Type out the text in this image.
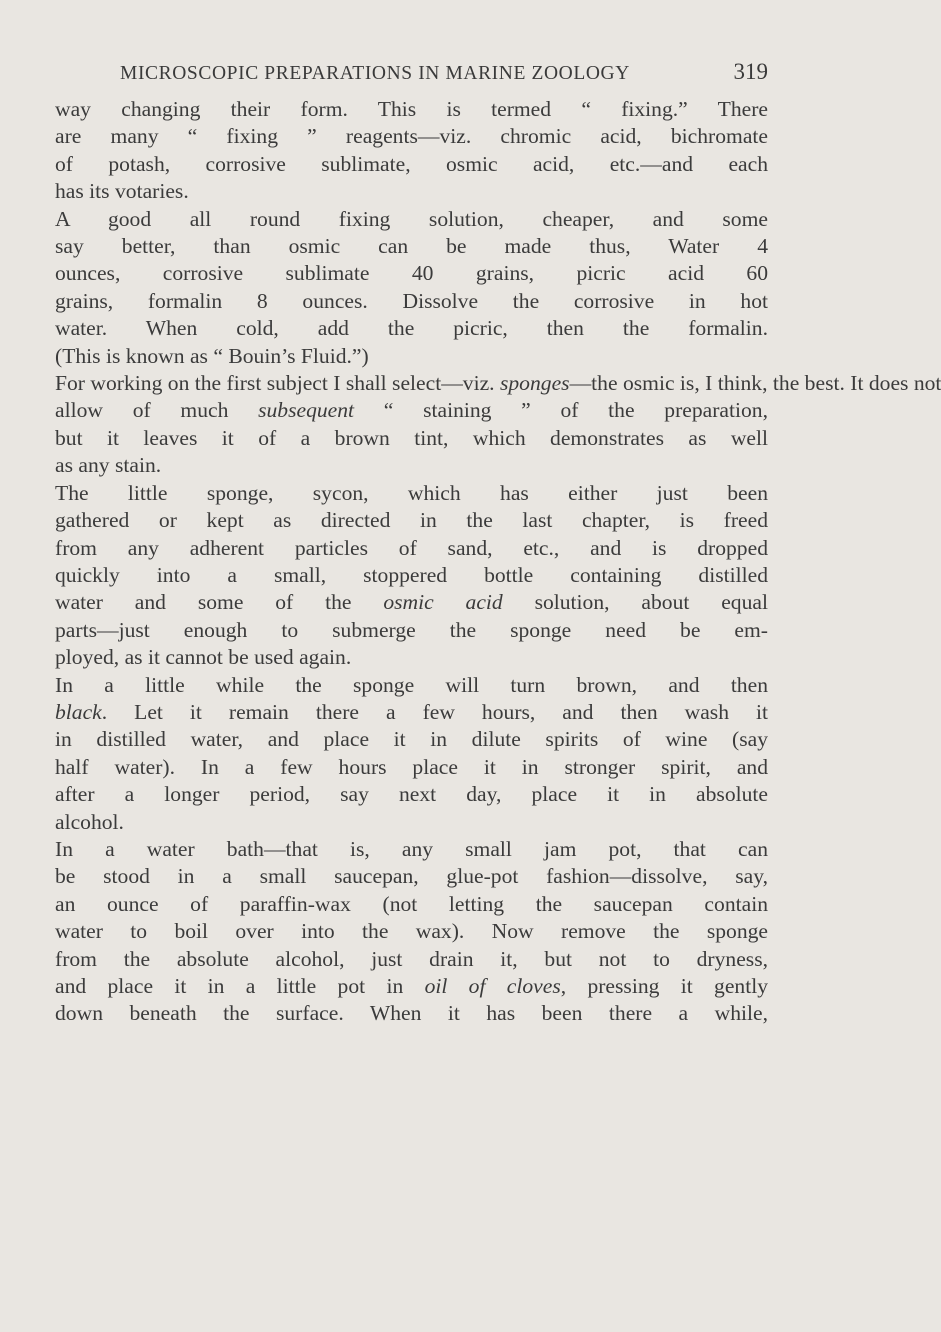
MICROSCOPIC PREPARATIONS IN MARINE ZOOLOGY	319
way changing their form. This is termed “ fixing.” There
are many “ fixing ” reagents—viz. chromic acid, bichromate
of potash, corrosive sublimate, osmic acid, etc.—and each
has its votaries.
A good all round fixing solution, cheaper, and some
say better, than osmic can be made thus, Water 4
ounces, corrosive sublimate 40 grains, picric acid 60
grains, formalin 8 ounces. Dissolve the corrosive in hot
water. When cold, add the picric, then the formalin.
(This is known as “ Bouin’s Fluid.”)
For working on the first subject I shall select—viz. sponges—the osmic is, I think, the best. It does not
allow of much subsequent “ staining ” of the preparation,
but it leaves it of a brown tint, which demonstrates as well
as any stain.
The little sponge, sycon, which has either just been
gathered or kept as directed in the last chapter, is freed
from any adherent particles of sand, etc., and is dropped
quickly into a small, stoppered bottle containing distilled
water and some of the osmic acid solution, about equal
parts—just enough to submerge the sponge need be em-
ployed, as it cannot be used again.
In a little while the sponge will turn brown, and then
black. Let it remain there a few hours, and then wash it
in distilled water, and place it in dilute spirits of wine (say
half water). In a few hours place it in stronger spirit, and
after a longer period, say next day, place it in absolute
alcohol.
In a water bath—that is, any small jam pot, that can
be stood in a small saucepan, glue-pot fashion—dissolve, say,
an ounce of paraffin-wax (not letting the saucepan contain
water to boil over into the wax). Now remove the sponge
from the absolute alcohol, just drain it, but not to dryness,
and place it in a little pot in oil of cloves, pressing it gently
down beneath the surface. When it has been there a while,
